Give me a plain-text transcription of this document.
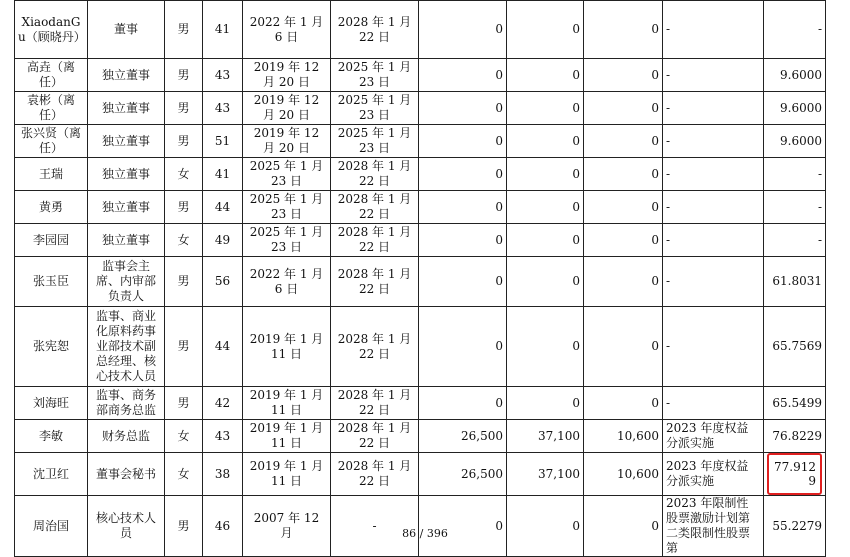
XiaodanGu（顾晓丹）	董事	男	41	2022 年 1 月 6 日	2028 年 1 月 22 日	0	0	0	-	-	
高垚（离任）	独立董事	男	43	2019 年 12 月 20 日	2025 年 1 月 23 日	0	0	0	-	9.6000	
袁彬（离任）	独立董事	男	43	2019 年 12 月 20 日	2025 年 1 月 23 日	0	0	0	-	9.6000	
张兴贤（离任）	独立董事	男	51	2019 年 12 月 20 日	2025 年 1 月 23 日	0	0	0	-	9.6000	
王瑞	独立董事	女	41	2025 年 1 月 23 日	2028 年 1 月 22 日	0	0	0	-	-	
黄勇	独立董事	男	44	2025 年 1 月 23 日	2028 年 1 月 22 日	0	0	0	-	-	
李园园	独立董事	女	49	2025 年 1 月 23 日	2028 年 1 月 22 日	0	0	0	-	-	
张玉臣	监事会主席、内审部负责人	男	56	2022 年 1 月 6 日	2028 年 1 月 22 日	0	0	0	-	61.8031	
张宪恕	监事、商业化原料药事业部技术副总经理、核心技术人员	男	44	2019 年 1 月 11 日	2028 年 1 月 22 日	0	0	0	-	65.7569	
刘海旺	监事、商务部商务总监	男	42	2019 年 1 月 11 日	2028 年 1 月 22 日	0	0	0	-	65.5499	
李敏	财务总监	女	43	2019 年 1 月 11 日	2028 年 1 月 22 日	26,500	37,100	10,600	2023 年度权益分派实施	76.8229	
沈卫红	董事会秘书	女	38	2019 年 1 月 11 日	2028 年 1 月 22 日	26,500	37,100	10,600	2023 年度权益分派实施	77.9129	
周治国	核心技术人员	男	46	2007 年 12 月	-	0	0	0	2023 年限制性股票激励计划第二类限制性股票第	55.2279	
86 / 396
